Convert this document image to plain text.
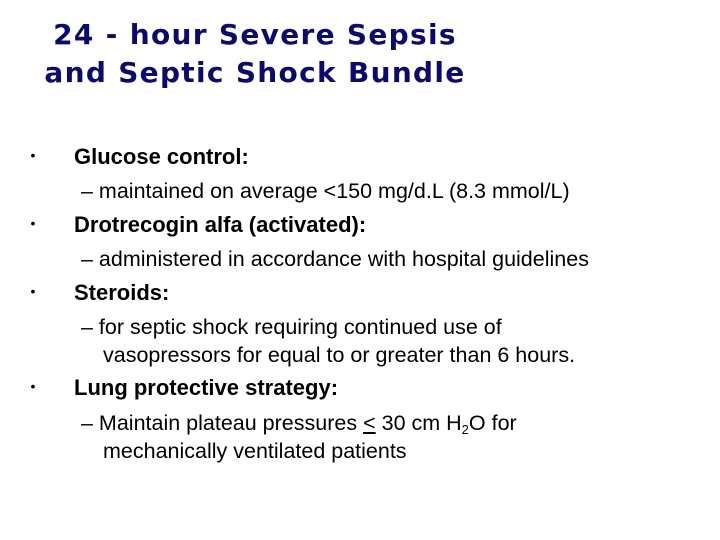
24 - hour Severe Sepsis
and Septic Shock Bundle
• Glucose control:
– maintained on average <150 mg/d.L (8.3 mmol/L)
• Drotrecogin alfa (activated):
– administered in accordance with hospital guidelines
• Steroids:
– for septic shock requiring continued use of
vasopressors for equal to or greater than 6 hours.
• Lung protective strategy:
– Maintain plateau pressures ≤ 30 cm $H_2O$ for
mechanically ventilated patients
